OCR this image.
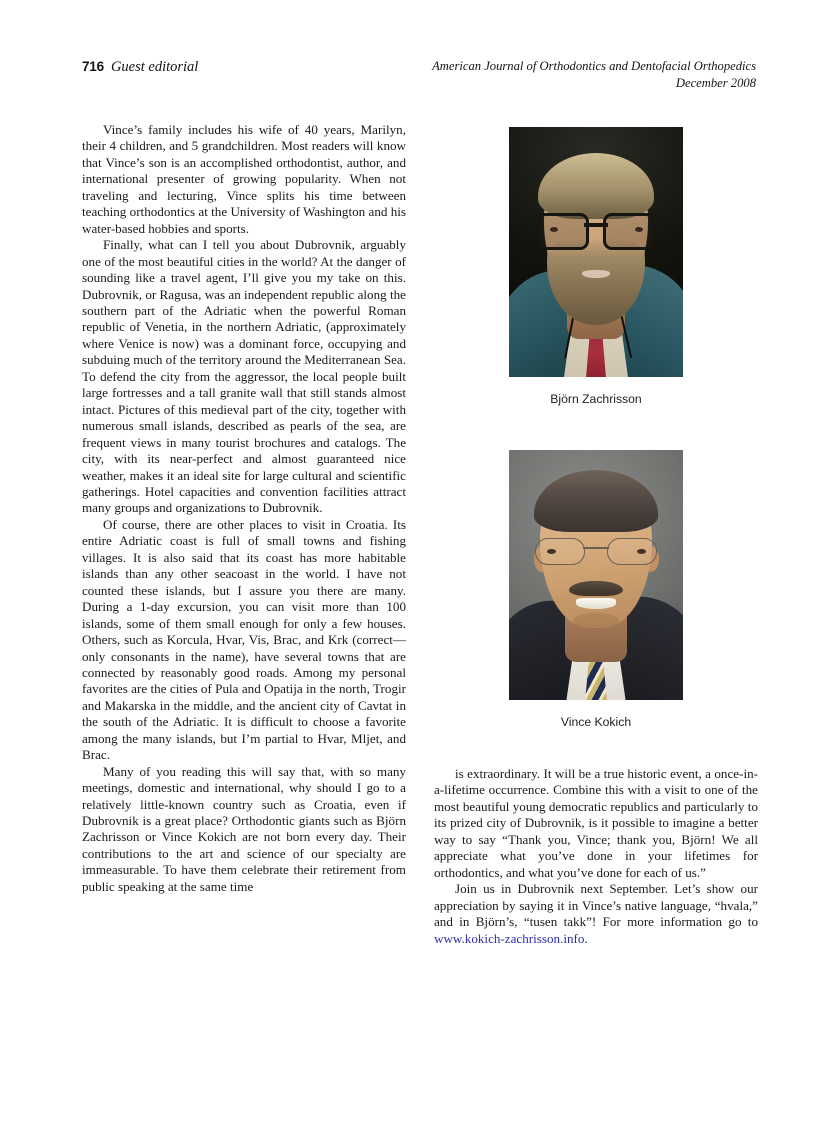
716 Guest editorial	American Journal of Orthodontics and Dentofacial Orthopedics
December 2008

Vince’s family includes his wife of 40 years, Marilyn, their 4 children, and 5 grandchildren. Most readers will know that Vince’s son is an accomplished orthodontist, author, and international presenter of growing popularity. When not traveling and lecturing, Vince splits his time between teaching orthodontics at the University of Washington and his water-based hobbies and sports.

Finally, what can I tell you about Dubrovnik, arguably one of the most beautiful cities in the world? At the danger of sounding like a travel agent, I’ll give you my take on this. Dubrovnik, or Ragusa, was an independent republic along the southern part of the Adriatic when the powerful Roman republic of Venetia, in the northern Adriatic, (approximately where Venice is now) was a dominant force, occupying and subduing much of the territory around the Mediterranean Sea. To defend the city from the aggressor, the local people built large fortresses and a tall granite wall that still stands almost intact. Pictures of this medieval part of the city, together with numerous small islands, described as pearls of the sea, are frequent views in many tourist brochures and catalogs. The city, with its near-perfect and almost guaranteed nice weather, makes it an ideal site for large cultural and scientific gatherings. Hotel capacities and convention facilities attract many groups and organizations to Dubrovnik.

Of course, there are other places to visit in Croatia. Its entire Adriatic coast is full of small towns and fishing villages. It is also said that its coast has more habitable islands than any other seacoast in the world. I have not counted these islands, but I assure you there are many. During a 1-day excursion, you can visit more than 100 islands, some of them small enough for only a few houses. Others, such as Korcula, Hvar, Vis, Brac, and Krk (correct—only consonants in the name), have several towns that are connected by reasonably good roads. Among my personal favorites are the cities of Pula and Opatija in the north, Trogir and Makarska in the middle, and the ancient city of Cavtat in the south of the Adriatic. It is difficult to choose a favorite among the many islands, but I’m partial to Hvar, Mljet, and Brac.

Many of you reading this will say that, with so many meetings, domestic and international, why should I go to a relatively little-known country such as Croatia, even if Dubrovnik is a great place? Orthodontic giants such as Björn Zachrisson or Vince Kokich are not born every day. Their contributions to the art and science of our specialty are immeasurable. To have them celebrate their retirement from public speaking at the same time

Björn Zachrisson
Vince Kokich

is extraordinary. It will be a true historic event, a once-in-a-lifetime occurrence. Combine this with a visit to one of the most beautiful young democratic republics and particularly to its prized city of Dubrovnik, is it possible to imagine a better way to say “Thank you, Vince; thank you, Björn! We all appreciate what you’ve done in your lifetimes for orthodontics, and what you’ve done for each of us.”

Join us in Dubrovnik next September. Let’s show our appreciation by saying it in Vince’s native language, “hvala,” and in Björn’s, “tusen takk”! For more information go to www.kokich-zachrisson.info.
